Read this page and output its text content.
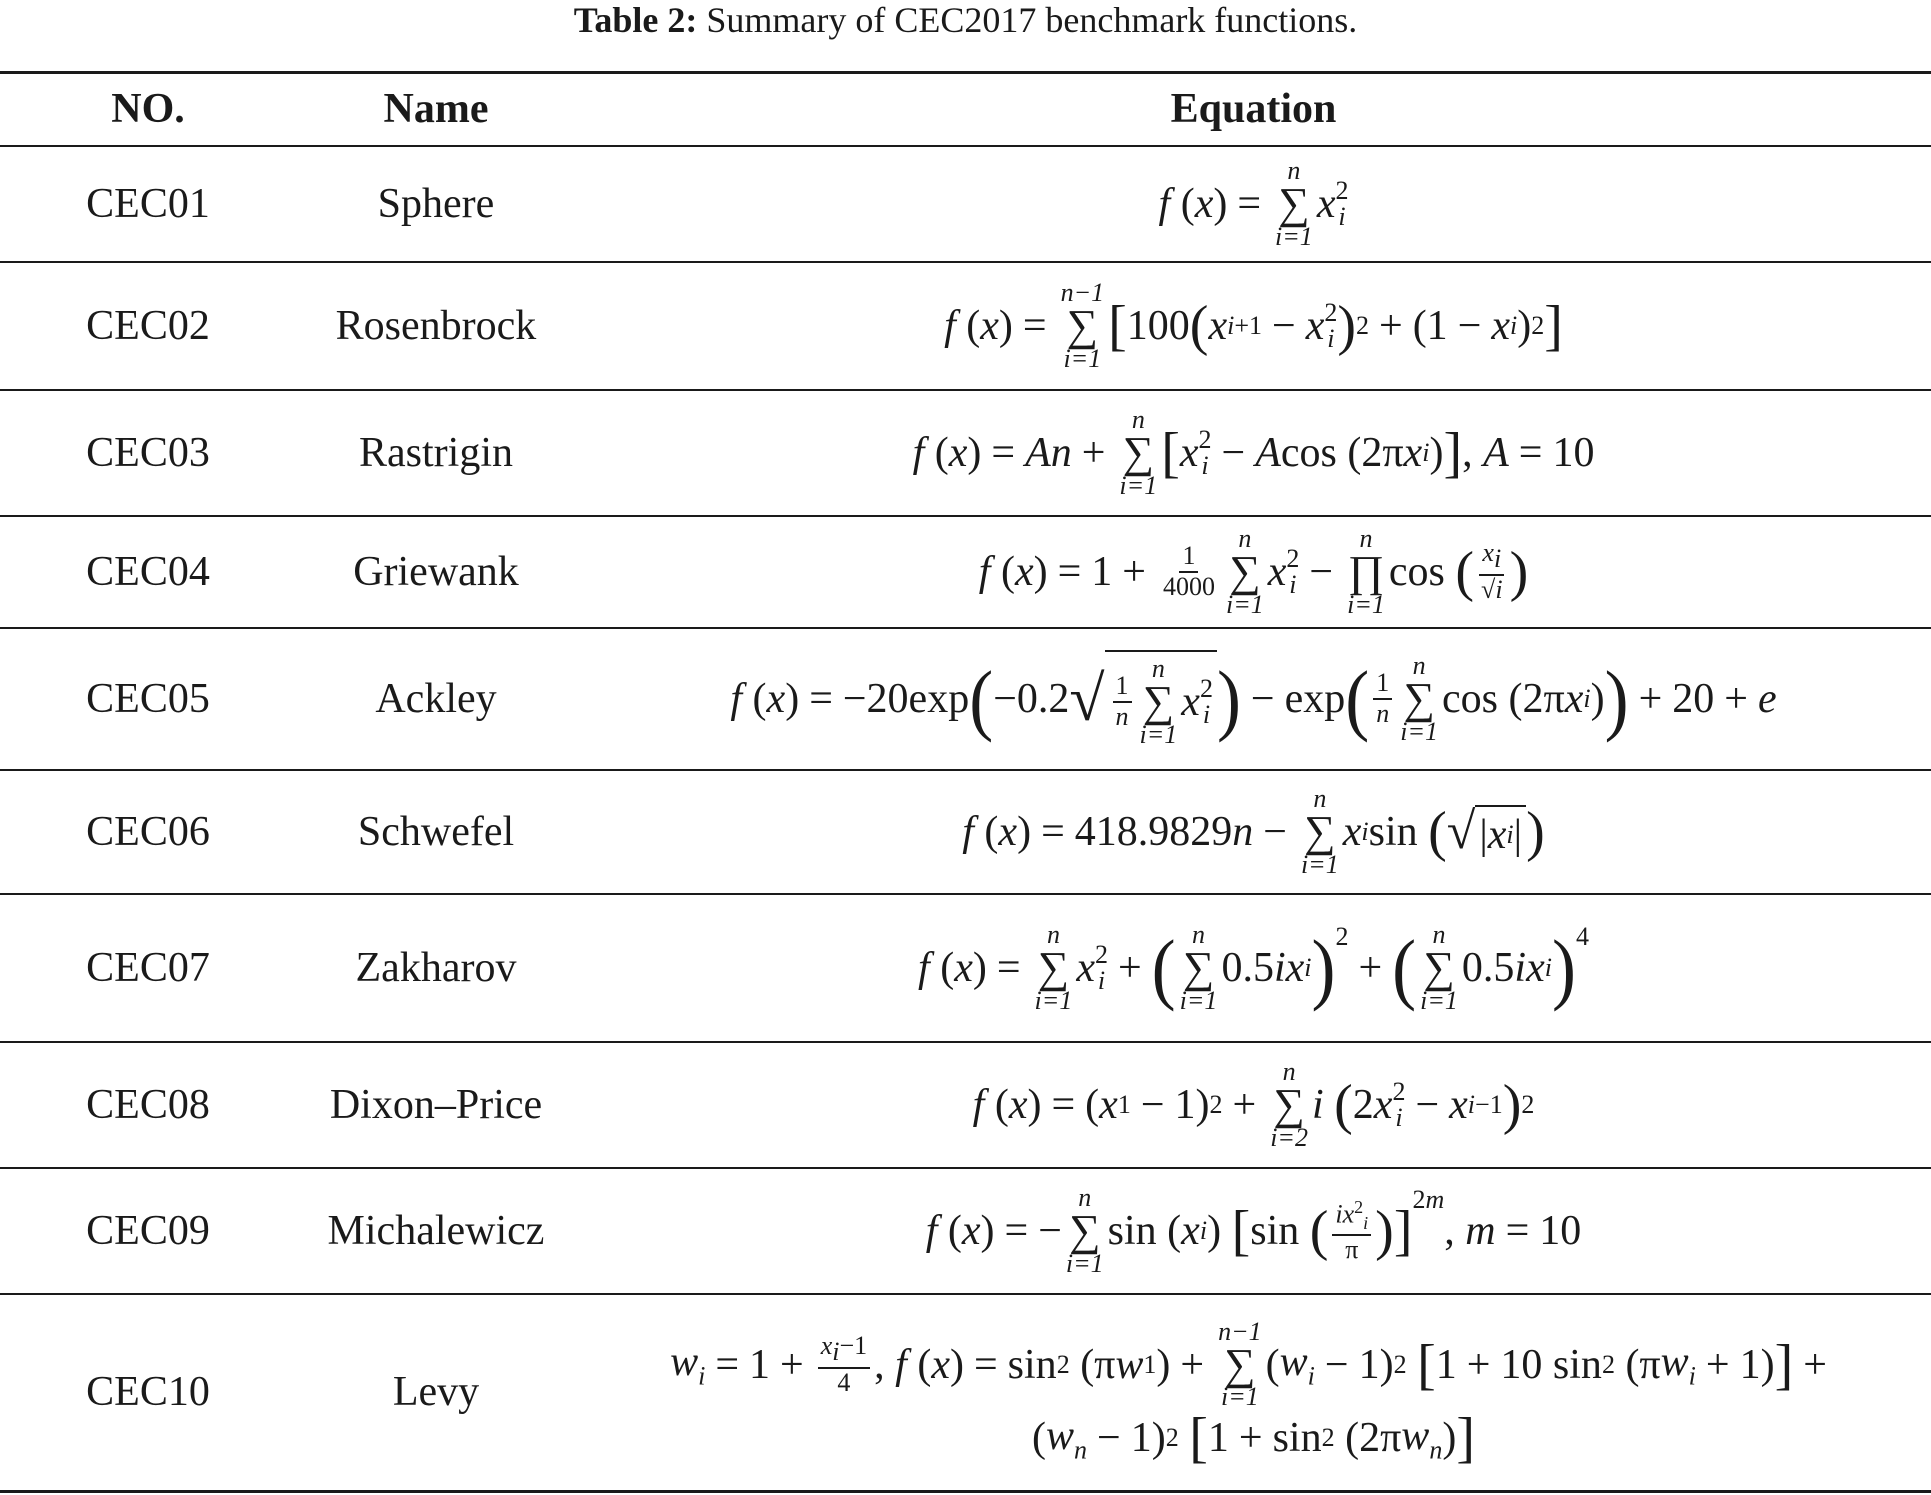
Table 2: Summary of CEC2017 benchmark functions.
NO.	Name	Equation
CEC01	Sphere	f ( x ) =
n
∑
i=1
x 2
i
CEC02	Rosenbrock	f ( x ) =
n−1
∑
i=1
[ 100 ( x i+1 − x 2
i ) 2 + (1 − x i ) 2 ]
CEC03	Rastrigin	f ( x ) = An +
n
∑
i=1
[ x 2
i − A cos (2π x i ) ] , A = 10
CEC04	Griewank	f ( x ) = $1 + \frac{1}{4000}$
n
∑
i=1
x 2
i −
n
∏
i=1
cos ( $\frac{x_i}{√i}$ )
CEC05	Ackley	f ( x ) = −20exp ( −0.2 √ $\frac{1}{n}$
n
∑
i=1
x 2
i ) − exp ( $\frac{1}{n}$
n
∑
i=1
cos (2π x i ) ) + 20 + e
CEC06	Schwefel	f ( x ) = 418.9829 n −
n
∑
i=1
x i sin ( √ | x i | )
CEC07	Zakharov	f ( x ) =
n
∑
i=1
x 2
i + ( n
∑
i=1
0.5 ix i )$^2$
+ ( n
∑
i=1
0.5 ix i )$^4$
CEC08	Dixon–Price	f ( x ) = ( x 1 − 1) 2 +
n
∑
i=2
i
( 2 x 2
i − x i−1 ) 2
CEC09	Michalewicz	f ( x ) = −
n
∑
i=1
sin ( x i ) [ sin ( $\frac{ix^2_i}{\pi}$ ) ]
$^{2m}$
, m = 10
CEC10	Levy
$w_i = 1 + \frac{x_i-1}{4}$ , f ( x ) = sin 2 (π w 1 ) +
n−1
∑
i=1
( $w_i - 1$) 2
[ 1 + 10 sin 2 (π $w_i + 1$) ] +
( $w_n - 1$) 2
[ 1 + sin 2 (2π $w_n$ ) ]
